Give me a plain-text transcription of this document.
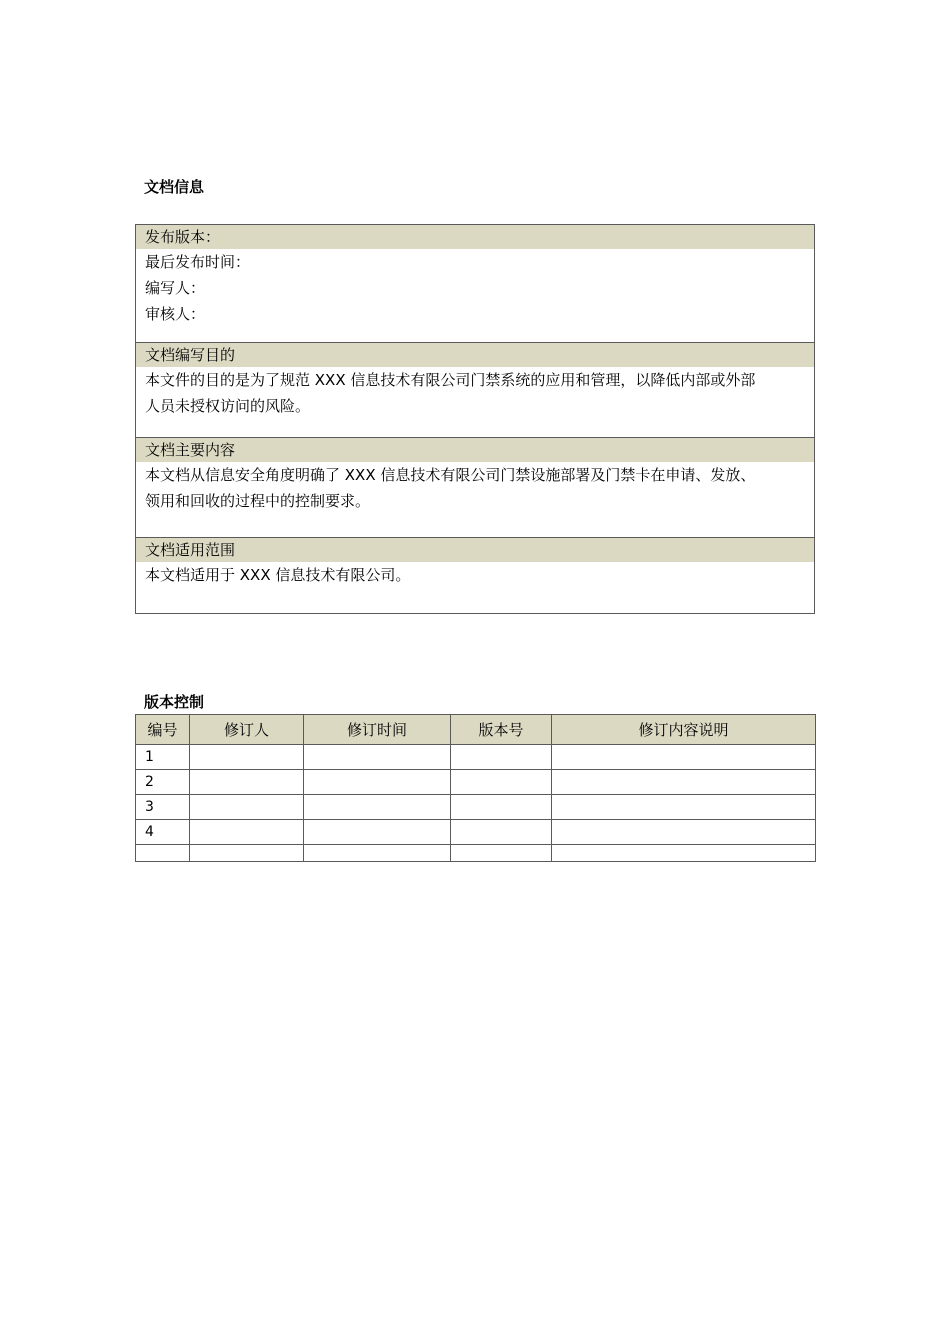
文档信息
发布版本：

最后发布时间：

编写人：

审核人：

文档编写目的

本文件的目的是为了规范 XXX 信息技术有限公司门禁系统的应用和管理，以降低内部或外部

人员未授权访问的风险。

文档主要内容

本文档从信息安全角度明确了 XXX 信息技术有限公司门禁设施部署及门禁卡在申请、发放、

领用和回收的过程中的控制要求。

文档适用范围

本文档适用于 XXX 信息技术有限公司。

版本控制
编号	修订人	修订时间	版本号	修订内容说明
1				
2				
3				
4				
